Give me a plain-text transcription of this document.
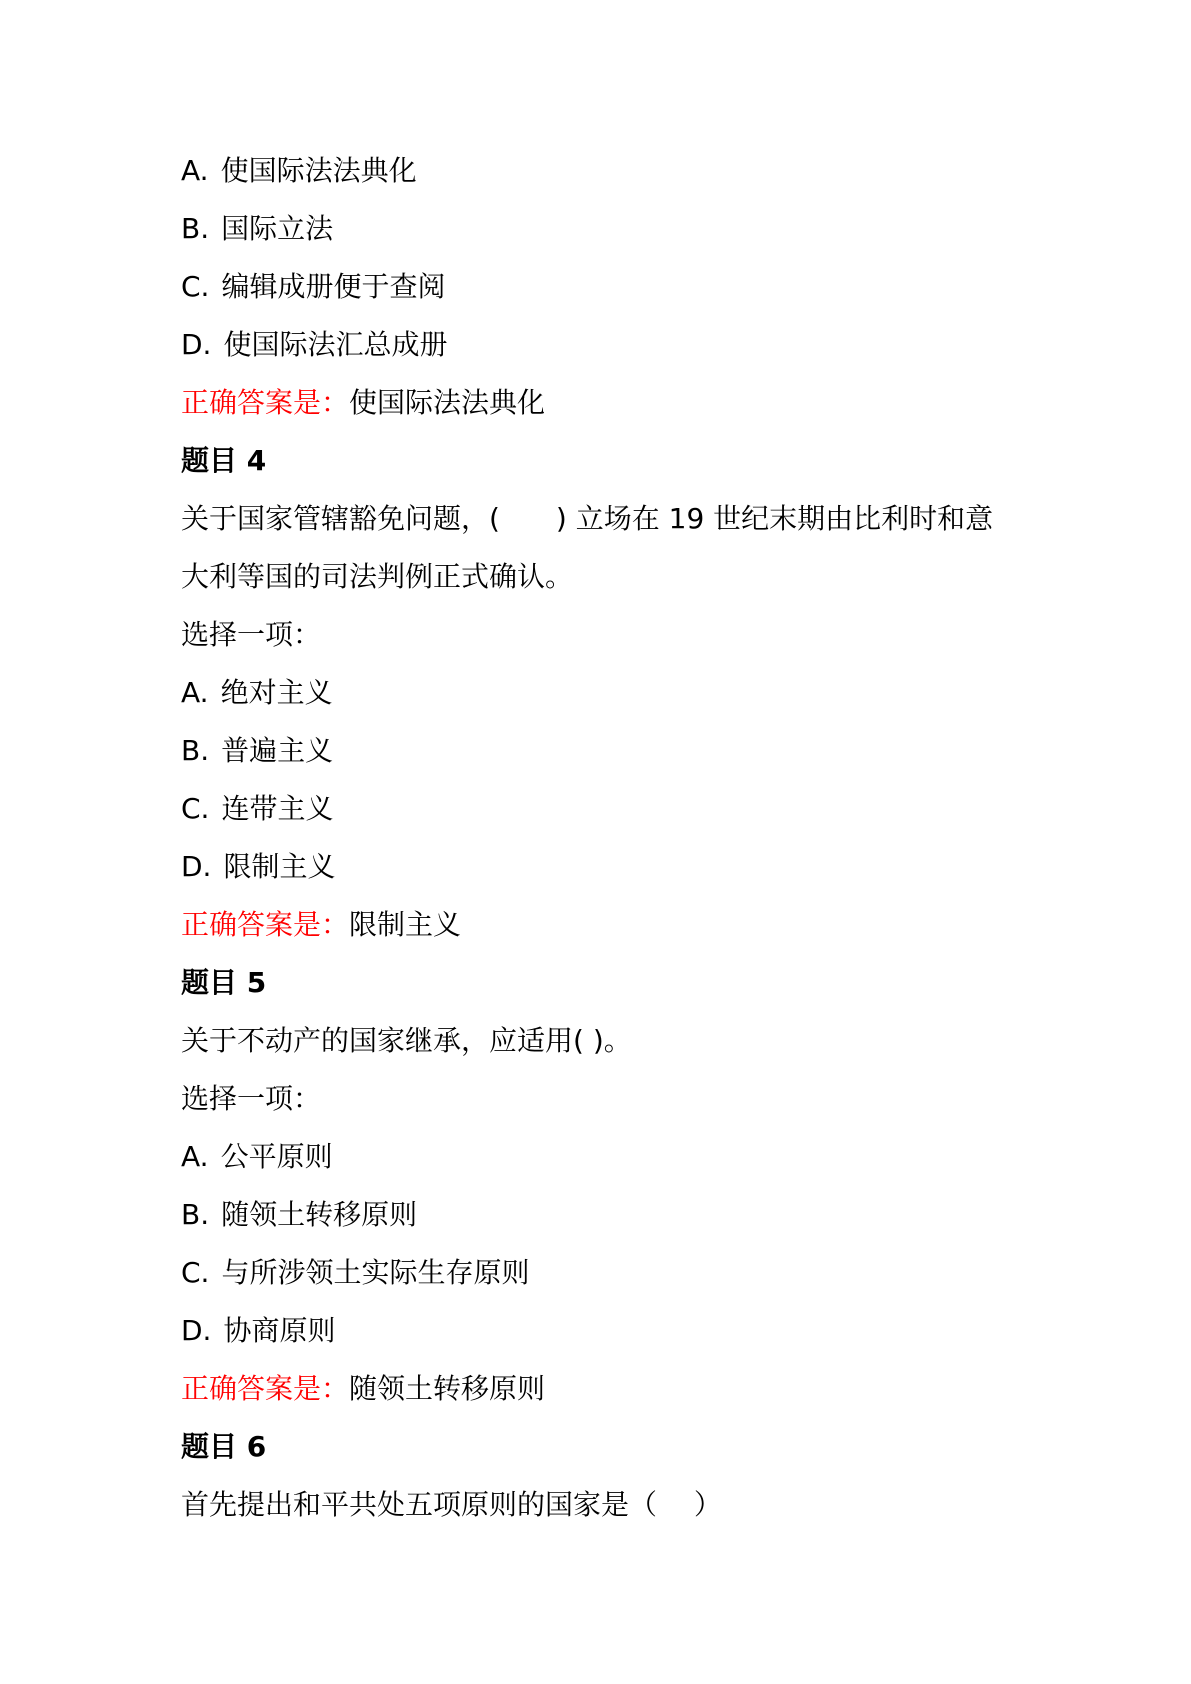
A. 使国际法法典化
B. 国际立法
C. 编辑成册便于查阅
D. 使国际法汇总成册
正确答案是：使国际法法典化
题目 4
关于国家管辖豁免问题，(　　) 立场在 19 世纪末期由比利时和意
大利等国的司法判例正式确认。
选择一项：
A. 绝对主义
B. 普遍主义
C. 连带主义
D. 限制主义
正确答案是：限制主义
题目 5
关于不动产的国家继承，应适用( )。
选择一项：
A. 公平原则
B. 随领土转移原则
C. 与所涉领土实际生存原则
D. 协商原则
正确答案是：随领土转移原则
题目 6
首先提出和平共处五项原则的国家是（　 ）
